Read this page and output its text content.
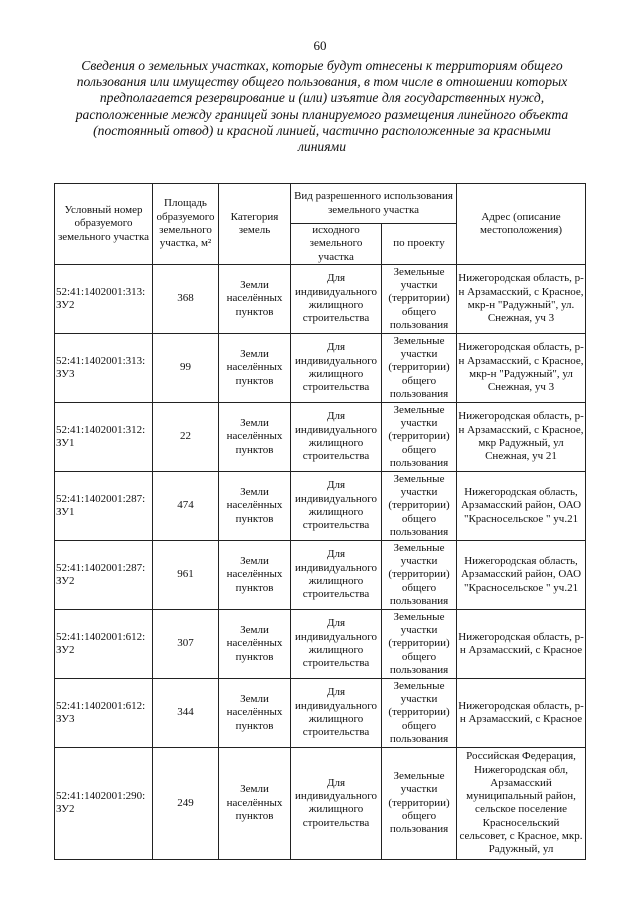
60
Сведения о земельных участках, которые будут отнесены к территориям общего пользования или имуществу общего пользования, в том числе в отношении которых предполагается резервирование и (или) изъятие для государственных нужд, расположенные между границей зоны планируемого размещения линейного объекта (постоянный отвод) и красной линией, частично расположенные за красными линиями
Условный номер образуемого земельного участка	Площадь образуемого земельного участка, м²	Категория земель	Вид разрешенного использования земельного участка		Адрес (описание местоположения)
			исходного земельного участка	по проекту	
52:41:1402001:313:
ЗУ2	368	Земли населённых пунктов	Для индивидуального жилищного строительства	Земельные участки (территории) общего пользования	Нижегородская область, р-н Арзамасский, с Красное, мкр-н "Радужный", ул. Снежная, уч 3
52:41:1402001:313:
ЗУ3	99	Земли населённых пунктов	Для индивидуального жилищного строительства	Земельные участки (территории) общего пользования	Нижегородская область, р-н Арзамасский, с Красное, мкр-н "Радужный", ул Снежная, уч 3
52:41:1402001:312:
ЗУ1	22	Земли населённых пунктов	Для индивидуального жилищного строительства	Земельные участки (территории) общего пользования	Нижегородская область, р-н Арзамасский, с Красное, мкр Радужный, ул Снежная, уч 21
52:41:1402001:287:
ЗУ1	474	Земли населённых пунктов	Для индивидуального жилищного строительства	Земельные участки (территории) общего пользования	Нижегородская область, Арзамасский район, ОАО "Красносельское " уч.21
52:41:1402001:287:
ЗУ2	961	Земли населённых пунктов	Для индивидуального жилищного строительства	Земельные участки (территории) общего пользования	Нижегородская область, Арзамасский район, ОАО "Красносельское " уч.21
52:41:1402001:612:
ЗУ2	307	Земли населённых пунктов	Для индивидуального жилищного строительства	Земельные участки (территории) общего пользования	Нижегородская область, р-н Арзамасский, с Красное
52:41:1402001:612:
ЗУ3	344	Земли населённых пунктов	Для индивидуального жилищного строительства	Земельные участки (территории) общего пользования	Нижегородская область, р-н Арзамасский, с Красное
52:41:1402001:290:
ЗУ2	249	Земли населённых пунктов	Для индивидуального жилищного строительства	Земельные участки (территории) общего пользования	Российская Федерация, Нижегородская обл, Арзамасский муниципальный район, сельское поселение Красносельский сельсовет, с Красное, мкр. Радужный, ул
